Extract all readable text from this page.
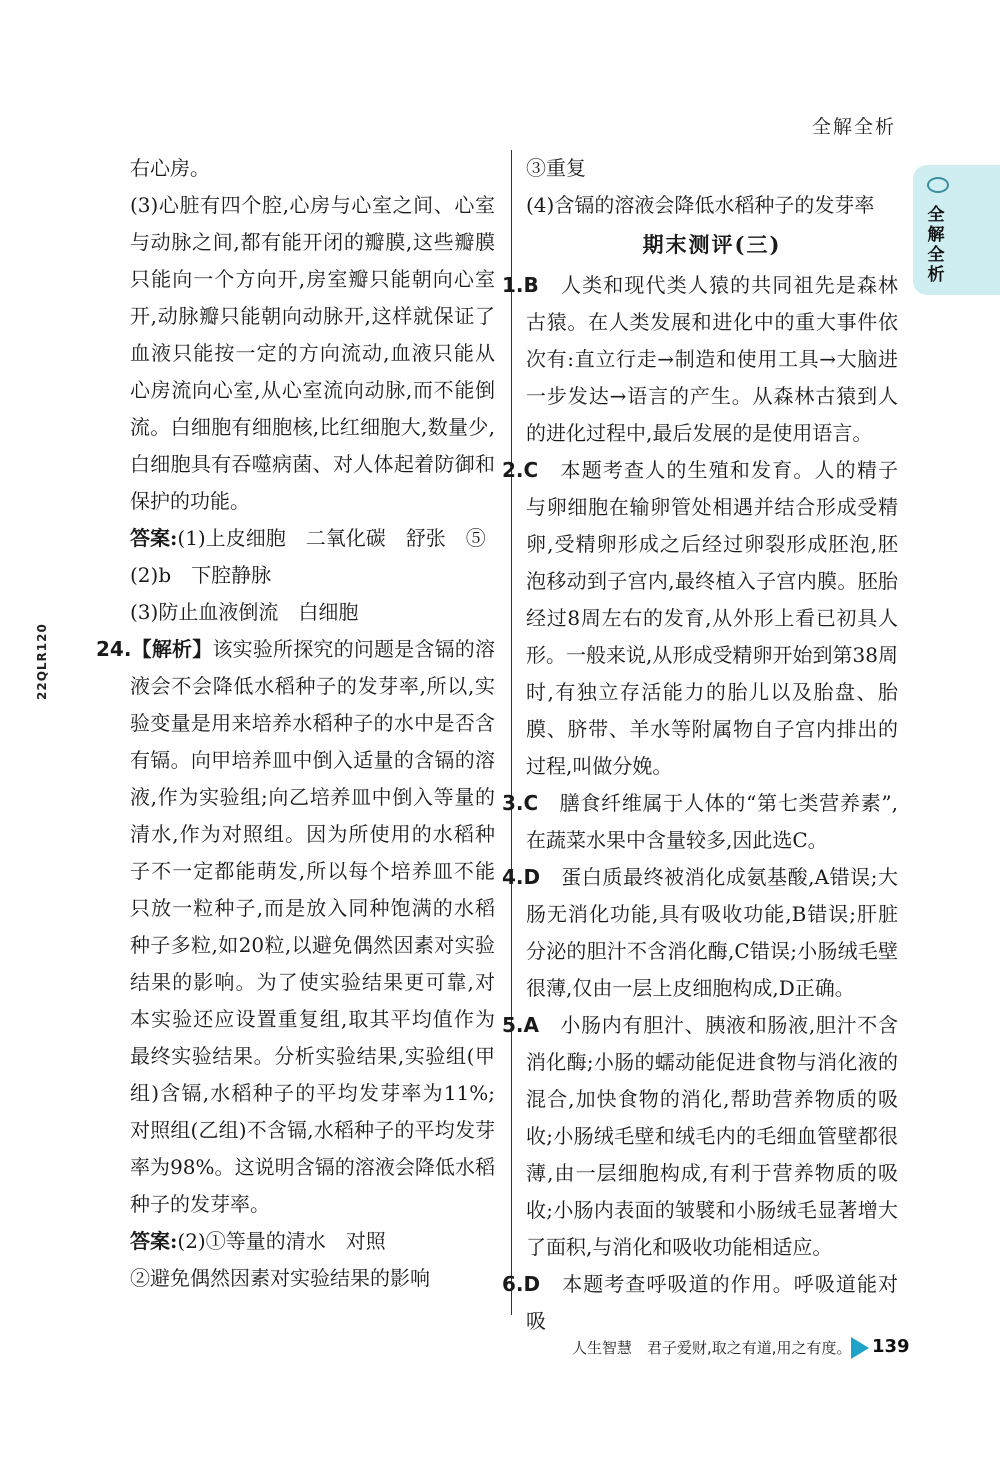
全解全析
全解全析
22QLR120

右心房。

(3)心脏有四个腔,心房与心室之间、心室与动脉之间,都有能开闭的瓣膜,这些瓣膜只能向一个方向开,房室瓣只能朝向心室开,动脉瓣只能朝向动脉开,这样就保证了血液只能按一定的方向流动,血液只能从心房流向心室,从心室流向动脉,而不能倒流。白细胞有细胞核,比红细胞大,数量少,白细胞具有吞噬病菌、对人体起着防御和保护的功能。

答案:(1)上皮细胞　二氧化碳　舒张　⑤

(2)b　下腔静脉

(3)防止血液倒流　白细胞

24.【解析】该实验所探究的问题是含镉的溶液会不会降低水稻种子的发芽率,所以,实验变量是用来培养水稻种子的水中是否含有镉。向甲培养皿中倒入适量的含镉的溶液,作为实验组;向乙培养皿中倒入等量的清水,作为对照组。因为所使用的水稻种子不一定都能萌发,所以每个培养皿不能只放一粒种子,而是放入同种饱满的水稻种子多粒,如20粒,以避免偶然因素对实验结果的影响。为了使实验结果更可靠,对本实验还应设置重复组,取其平均值作为最终实验结果。分析实验结果,实验组(甲组)含镉,水稻种子的平均发芽率为11%;对照组(乙组)不含镉,水稻种子的平均发芽率为98%。这说明含镉的溶液会降低水稻种子的发芽率。

答案:(2)①等量的清水　对照

②避免偶然因素对实验结果的影响

③重复

(4)含镉的溶液会降低水稻种子的发芽率

期末测评(三)

1.B　 人类和现代类人猿的共同祖先是森林古猿。在人类发展和进化中的重大事件依次有:直立行走→制造和使用工具→大脑进一步发达→语言的产生。从森林古猿到人的进化过程中,最后发展的是使用语言。

2.C　 本题考查人的生殖和发育。人的精子与卵细胞在输卵管处相遇并结合形成受精卵,受精卵形成之后经过卵裂形成胚泡,胚泡移动到子宫内,最终植入子宫内膜。胚胎经过8周左右的发育,从外形上看已初具人形。一般来说,从形成受精卵开始到第38周时,有独立存活能力的胎儿以及胎盘、胎膜、脐带、羊水等附属物自子宫内排出的过程,叫做分娩。

3.C　 膳食纤维属于人体的“第七类营养素”,在蔬菜水果中含量较多,因此选C。

4.D　 蛋白质最终被消化成氨基酸,A错误;大肠无消化功能,具有吸收功能,B错误;肝脏分泌的胆汁不含消化酶,C错误;小肠绒毛壁很薄,仅由一层上皮细胞构成,D正确。

5.A　 小肠内有胆汁、胰液和肠液,胆汁不含消化酶;小肠的蠕动能促进食物与消化液的混合,加快食物的消化,帮助营养物质的吸收;小肠绒毛壁和绒毛内的毛细血管壁都很薄,由一层细胞构成,有利于营养物质的吸收;小肠内表面的皱襞和小肠绒毛显著增大了面积,与消化和吸收功能相适应。

6.D　 本题考查呼吸道的作用。呼吸道能对吸

人生智慧　君子爱财,取之有道,用之有度。 139
